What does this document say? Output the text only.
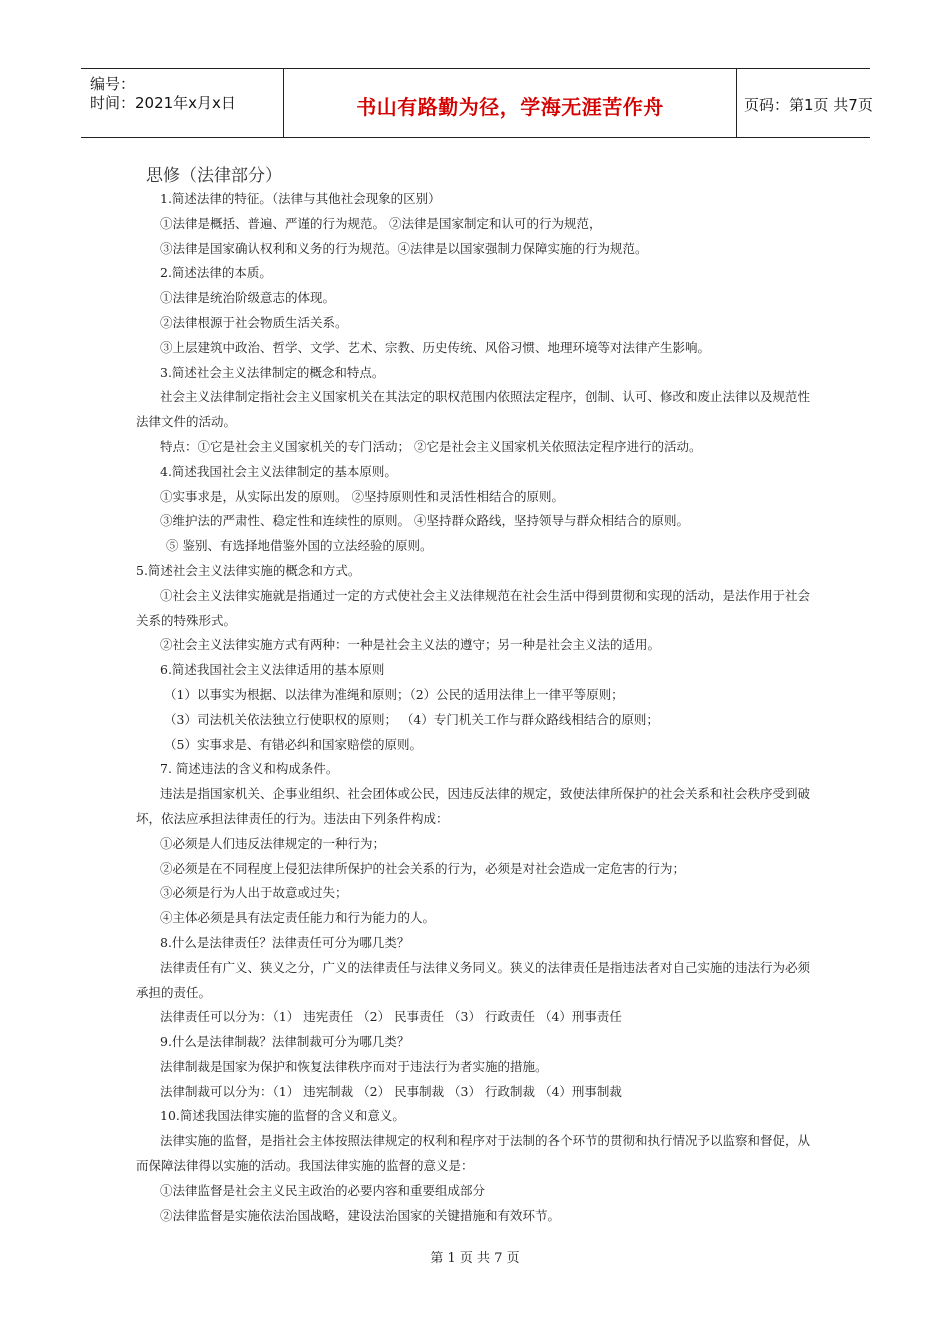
编号：
时间：2021年x月x日	书山有路勤为径，学海无涯苦作舟	页码：第1页 共7页
思修（法律部分）

1.简述法律的特征。（法律与其他社会现象的区别）

①法律是概括、普遍、严谨的行为规范。 ②法律是国家制定和认可的行为规范，

③法律是国家确认权利和义务的行为规范。④法律是以国家强制力保障实施的行为规范。

2.简述法律的本质。

①法律是统治阶级意志的体现。

②法律根源于社会物质生活关系。

③上层建筑中政治、哲学、文学、艺术、宗教、历史传统、风俗习惯、地理环境等对法律产生影响。

3.简述社会主义法律制定的概念和特点。

社会主义法律制定指社会主义国家机关在其法定的职权范围内依照法定程序，创制、认可、修改和废止法律以及规范性法律文件的活动。

特点：①它是社会主义国家机关的专门活动； ②它是社会主义国家机关依照法定程序进行的活动。

4.简述我国社会主义法律制定的基本原则。

①实事求是，从实际出发的原则。 ②坚持原则性和灵活性相结合的原则。

③维护法的严肃性、稳定性和连续性的原则。 ④坚持群众路线，坚持领导与群众相结合的原则。

⑤ 鉴别、有选择地借鉴外国的立法经验的原则。

5.简述社会主义法律实施的概念和方式。

①社会主义法律实施就是指通过一定的方式使社会主义法律规范在社会生活中得到贯彻和实现的活动，是法作用于社会关系的特殊形式。

②社会主义法律实施方式有两种：一种是社会主义法的遵守；另一种是社会主义法的适用。

6.简述我国社会主义法律适用的基本原则

（1）以事实为根据、以法律为准绳和原则；（2）公民的适用法律上一律平等原则；

（3）司法机关依法独立行使职权的原则； （4）专门机关工作与群众路线相结合的原则；

（5）实事求是、有错必纠和国家赔偿的原则。

7. 简述违法的含义和构成条件。

违法是指国家机关、企事业组织、社会团体或公民，因违反法律的规定，致使法律所保护的社会关系和社会秩序受到破坏，依法应承担法律责任的行为。违法由下列条件构成：

①必须是人们违反法律规定的一种行为；

②必须是在不同程度上侵犯法律所保护的社会关系的行为，必须是对社会造成一定危害的行为；

③必须是行为人出于故意或过失；

④主体必须是具有法定责任能力和行为能力的人。

8.什么是法律责任？法律责任可分为哪几类？

法律责任有广义、狭义之分，广义的法律责任与法律义务同义。狭义的法律责任是指违法者对自己实施的违法行为必须承担的责任。

法律责任可以分为：（1） 违宪责任 （2） 民事责任 （3） 行政责任 （4）刑事责任

9.什么是法律制裁？法律制裁可分为哪几类？

法律制裁是国家为保护和恢复法律秩序而对于违法行为者实施的措施。

法律制裁可以分为：（1） 违宪制裁 （2） 民事制裁 （3） 行政制裁 （4）刑事制裁

10.简述我国法律实施的监督的含义和意义。

法律实施的监督，是指社会主体按照法律规定的权利和程序对于法制的各个环节的贯彻和执行情况予以监察和督促，从而保障法律得以实施的活动。我国法律实施的监督的意义是：

①法律监督是社会主义民主政治的必要内容和重要组成部分

②法律监督是实施依法治国战略，建设法治国家的关键措施和有效环节。

第 1 页 共 7 页
